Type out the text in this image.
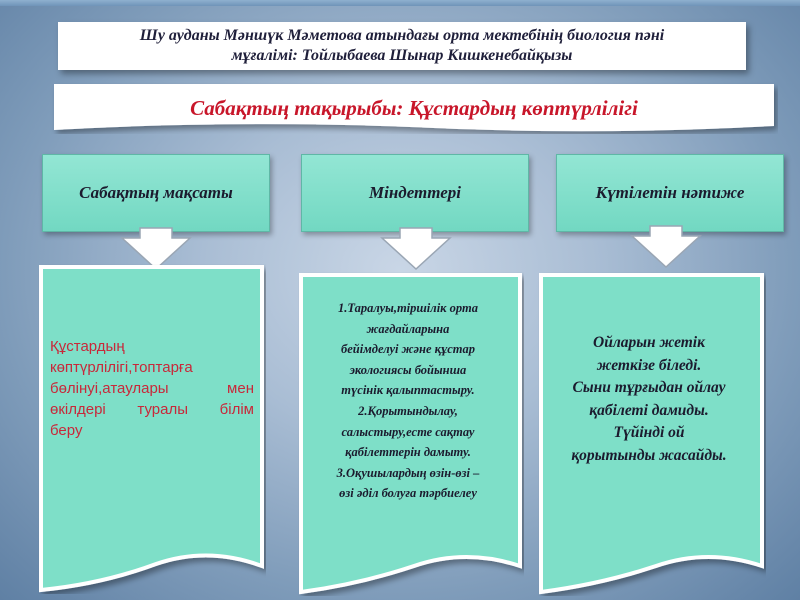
Шу ауданы Мәншүк Мәметова атындағы орта мектебінің биология пәні
мұғалімі: Тойлыбаева Шынар Кишкенебайқызы
Сабақтың тақырыбы: Құстардың көптүрлілігі
Сабақтың мақсаты	Міндеттері	Күтілетін нәтиже
Құстардың
көптүрлілігі,топтарға
бөлінуі,атаулары мен
өкілдері туралы білім
беру
1.Таралуы,тіршілік орта
жағдайларына
бейімделуі және құстар
экологиясы бойынша
түсінік қалыптастыру.
2.Қорытындылау,
салыстыру,есте сақтау
қабілеттерін дамыту.
3.Оқушылардың өзін-өзі –
өзі әділ болуға тәрбиелеу
Ойларын жетік
жеткізе біледі.
Сыни тұрғыдан ойлау
қабілеті дамиды.
Түйінді ой
қорытынды жасайды.
